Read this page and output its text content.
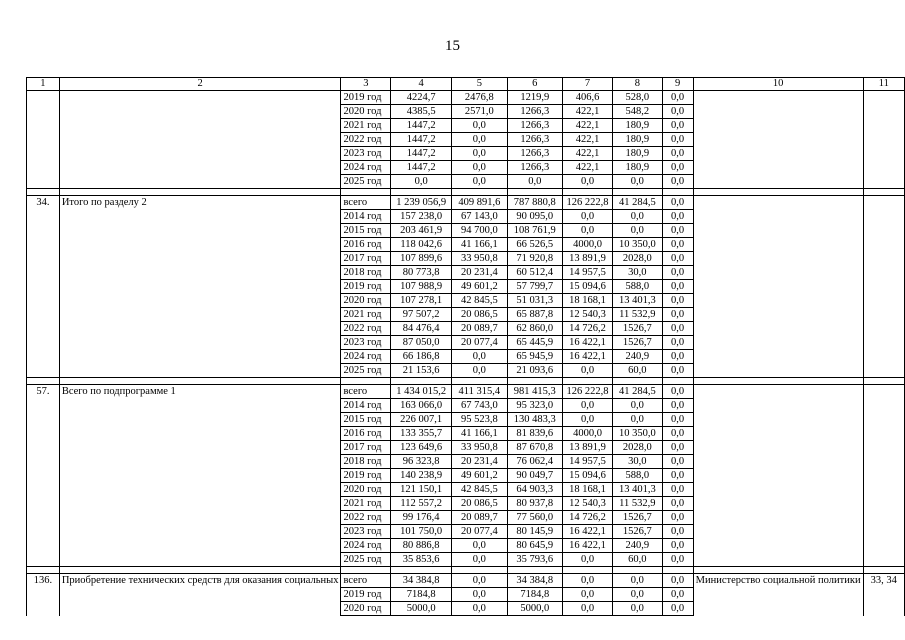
15
1	2	3	4	5	6	7	8	9	10	11
		2019 год	4224,7	2476,8	1219,9	406,6	528,0	0,0		
		2020 год	4385,5	2571,0	1266,3	422,1	548,2	0,0		
		2021 год	1447,2	0,0	1266,3	422,1	180,9	0,0		
		2022 год	1447,2	0,0	1266,3	422,1	180,9	0,0		
		2023 год	1447,2	0,0	1266,3	422,1	180,9	0,0		
		2024 год	1447,2	0,0	1266,3	422,1	180,9	0,0		
		2025 год	0,0	0,0	0,0	0,0	0,0	0,0		

34.	Итого по разделу 2	всего	1 239 056,9	409 891,6	787 880,8	126 222,8	41 284,5	0,0		
		2014 год	157 238,0	67 143,0	90 095,0	0,0	0,0	0,0		
		2015 год	203 461,9	94 700,0	108 761,9	0,0	0,0	0,0		
		2016 год	118 042,6	41 166,1	66 526,5	4000,0	10 350,0	0,0		
		2017 год	107 899,6	33 950,8	71 920,8	13 891,9	2028,0	0,0		
		2018 год	80 773,8	20 231,4	60 512,4	14 957,5	30,0	0,0		
		2019 год	107 988,9	49 601,2	57 799,7	15 094,6	588,0	0,0		
		2020 год	107 278,1	42 845,5	51 031,3	18 168,1	13 401,3	0,0		
		2021 год	97 507,2	20 086,5	65 887,8	12 540,3	11 532,9	0,0		
		2022 год	84 476,4	20 089,7	62 860,0	14 726,2	1526,7	0,0		
		2023 год	87 050,0	20 077,4	65 445,9	16 422,1	1526,7	0,0		
		2024 год	66 186,8	0,0	65 945,9	16 422,1	240,9	0,0		
		2025 год	21 153,6	0,0	21 093,6	0,0	60,0	0,0		

57.	Всего по подпрограмме 1	всего	1 434 015,2	411 315,4	981 415,3	126 222,8	41 284,5	0,0		
		2014 год	163 066,0	67 743,0	95 323,0	0,0	0,0	0,0		
		2015 год	226 007,1	95 523,8	130 483,3	0,0	0,0	0,0		
		2016 год	133 355,7	41 166,1	81 839,6	4000,0	10 350,0	0,0		
		2017 год	123 649,6	33 950,8	87 670,8	13 891,9	2028,0	0,0		
		2018 год	96 323,8	20 231,4	76 062,4	14 957,5	30,0	0,0		
		2019 год	140 238,9	49 601,2	90 049,7	15 094,6	588,0	0,0		
		2020 год	121 150,1	42 845,5	64 903,3	18 168,1	13 401,3	0,0		
		2021 год	112 557,2	20 086,5	80 937,8	12 540,3	11 532,9	0,0		
		2022 год	99 176,4	20 089,7	77 560,0	14 726,2	1526,7	0,0		
		2023 год	101 750,0	20 077,4	80 145,9	16 422,1	1526,7	0,0		
		2024 год	80 886,8	0,0	80 645,9	16 422,1	240,9	0,0		
		2025 год	35 853,6	0,0	35 793,6	0,0	60,0	0,0		

136.	Приобретение технических средств для оказания социальных	всего	34 384,8	0,0	34 384,8	0,0	0,0	0,0	Министерство социальной политики	33, 34
		2019 год	7184,8	0,0	7184,8	0,0	0,0	0,0		
		2020 год	5000,0	0,0	5000,0	0,0	0,0	0,0		
